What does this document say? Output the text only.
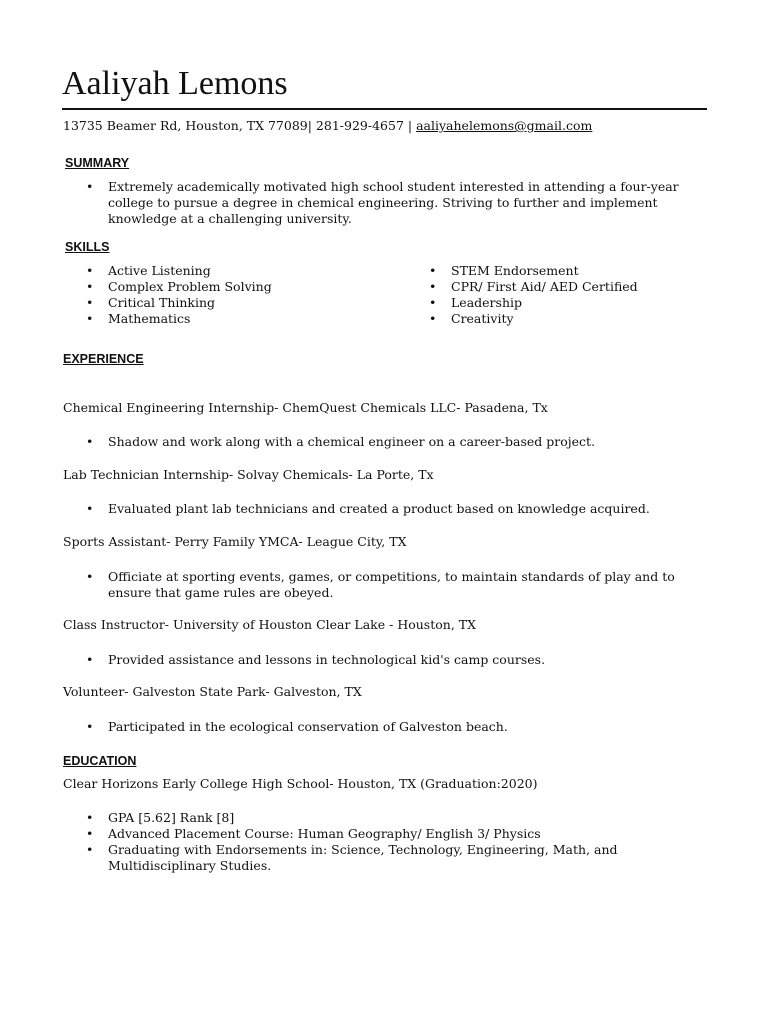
Aaliyah Lemons
13735 Beamer Rd, Houston, TX 77089| 281-929-4657 | aaliyahelemons@gmail.com
SUMMARY
• Extremely academically motivated high school student interested in attending a four-year college to pursue a degree in chemical engineering. Striving to further and implement knowledge at a challenging university.
SKILLS
• Active Listening
• Complex Problem Solving
• Critical Thinking
• Mathematics
• STEM Endorsement
• CPR/ First Aid/ AED Certified
• Leadership
• Creativity
EXPERIENCE
Chemical Engineering Internship- ChemQuest Chemicals LLC- Pasadena, Tx
• Shadow and work along with a chemical engineer on a career-based project.
Lab Technician Internship- Solvay Chemicals- La Porte, Tx
• Evaluated plant lab technicians and created a product based on knowledge acquired.
Sports Assistant- Perry Family YMCA- League City, TX
• Officiate at sporting events, games, or competitions, to maintain standards of play and to ensure that game rules are obeyed.
Class Instructor- University of Houston Clear Lake - Houston, TX
• Provided assistance and lessons in technological kid's camp courses.
Volunteer- Galveston State Park- Galveston, TX
• Participated in the ecological conservation of Galveston beach.
EDUCATION
Clear Horizons Early College High School- Houston, TX (Graduation:2020)
• GPA [5.62] Rank [8]
• Advanced Placement Course: Human Geography/ English 3/ Physics
• Graduating with Endorsements in: Science, Technology, Engineering, Math, and Multidisciplinary Studies.
